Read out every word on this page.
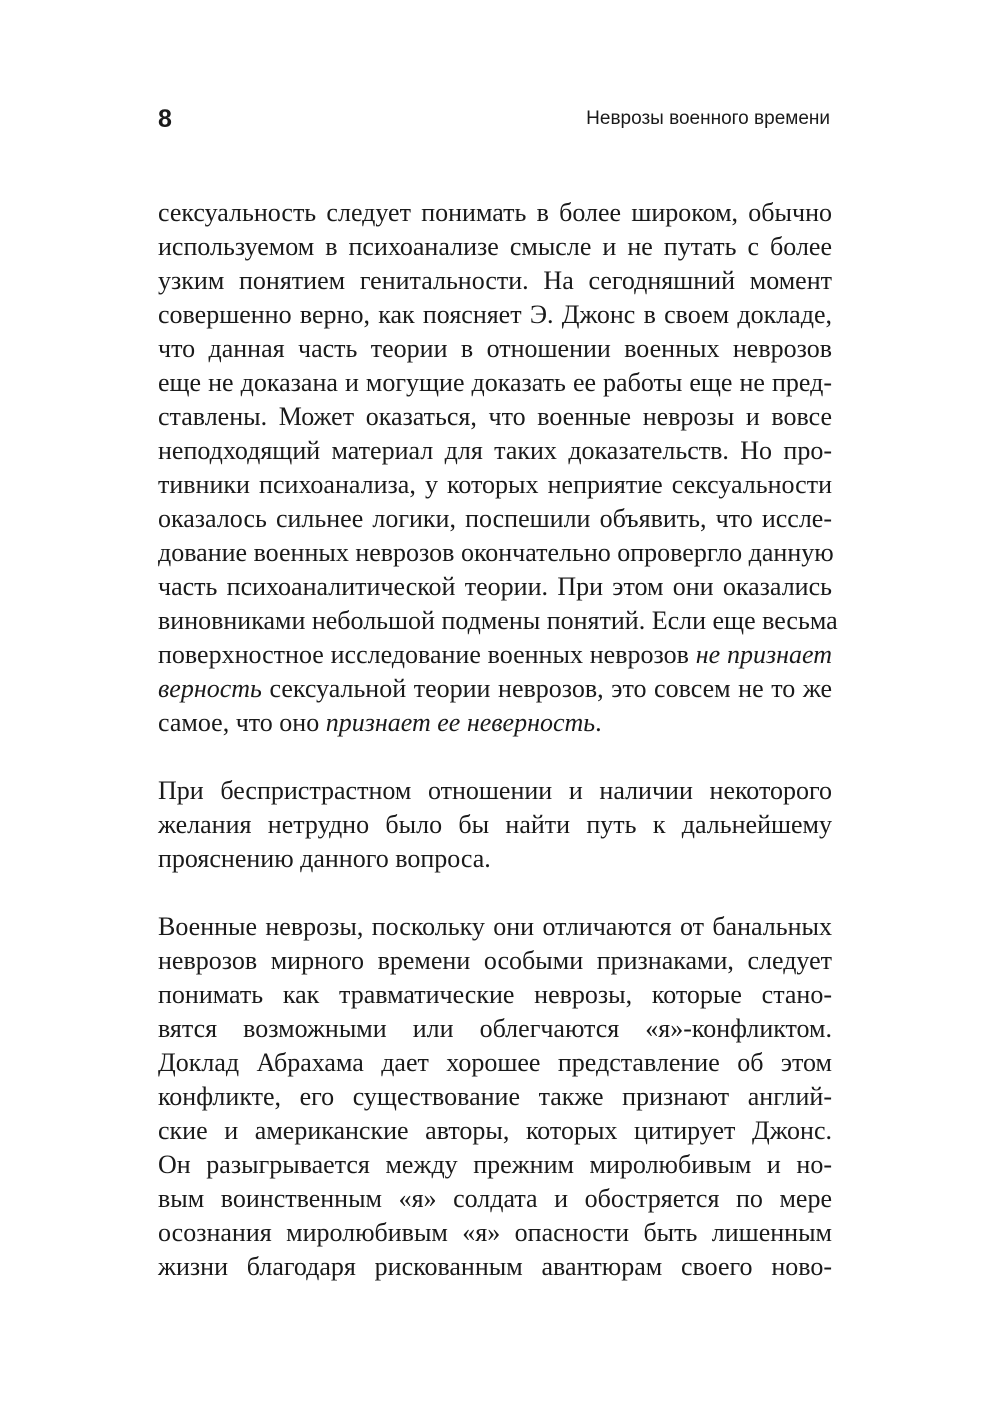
8	Неврозы военного времени
сексуальность следует понимать в более широком, обычно
используемом в психоанализе смысле и не путать с более
узким понятием генитальности. На сегодняшний момент
совершенно верно, как поясняет Э. Джонс в своем докладе,
что данная часть теории в отношении военных неврозов
еще не доказана и могущие доказать ее работы еще не пред-
ставлены. Может оказаться, что военные неврозы и вовсе
неподходящий материал для таких доказательств. Но про-
тивники психоанализа, у которых неприятие сексуальности
оказалось сильнее логики, поспешили объявить, что иссле-
дование военных неврозов окончательно опровергло данную
часть психоаналитической теории. При этом они оказались
виновниками небольшой подмены понятий. Если еще весьма
поверхностное исследование военных неврозов не признает
верность сексуальной теории неврозов, это совсем не то же
самое, что оно признает ее неверность.
При беспристрастном отношении и наличии некоторого
желания нетрудно было бы найти путь к дальнейшему
прояснению данного вопроса.
Военные неврозы, поскольку они отличаются от банальных
неврозов мирного времени особыми признаками, следует
понимать как травматические неврозы, которые стано-
вятся возможными или облегчаются «я»-конфликтом.
Доклад Абрахама дает хорошее представление об этом
конфликте, его существование также признают англий-
ские и американские авторы, которых цитирует Джонс.
Он разыгрывается между прежним миролюбивым и но-
вым воинственным «я» солдата и обостряется по мере
осознания миролюбивым «я» опасности быть лишенным
жизни благодаря рискованным авантюрам своего ново-
